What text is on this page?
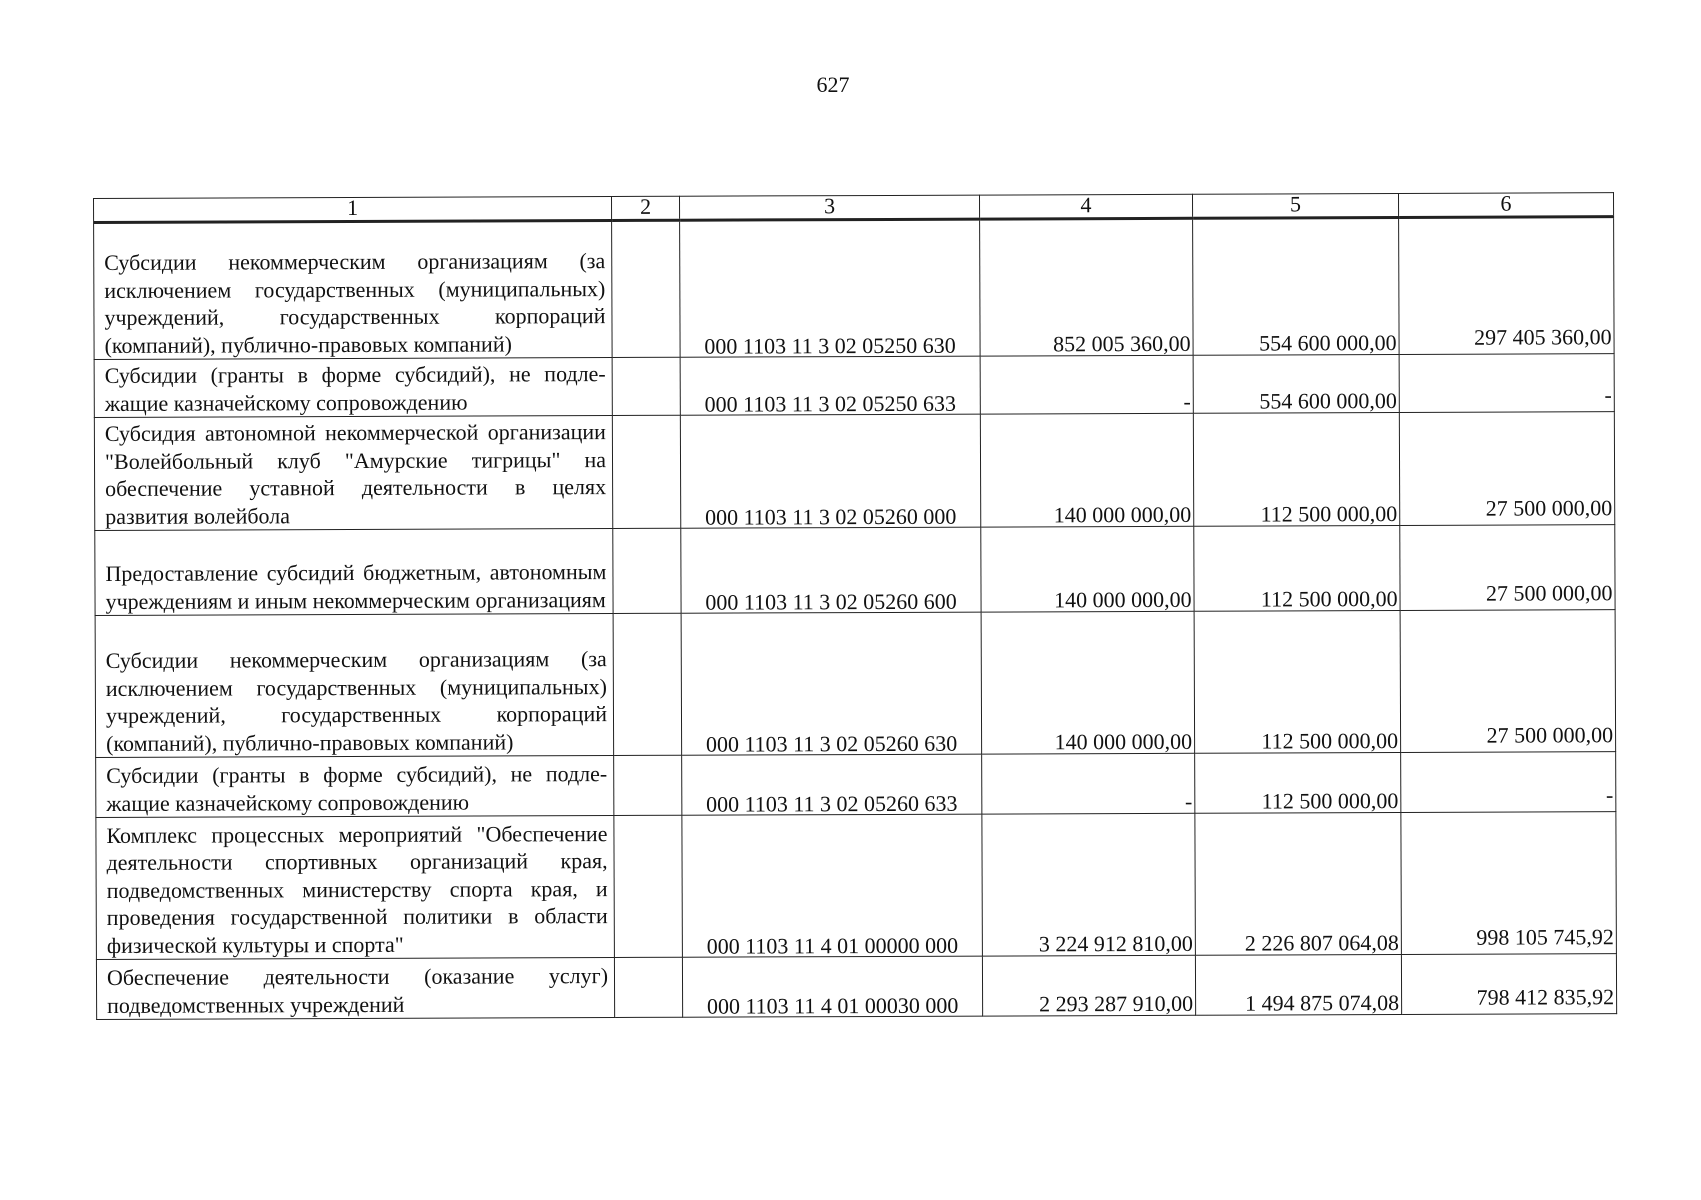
627
1	2	3	4	5	6
Субсидии некоммерческим организациям (за исключением государственных (муниципальных) учреждений, государственных корпораций (компаний), публично-правовых компаний)		000 1103 11 3 02 05250 630	852 005 360,00	554 600 000,00	297 405 360,00
Субсидии (гранты в форме субсидий), не подлежащие казначейскому сопровождению		000 1103 11 3 02 05250 633	-	554 600 000,00	-
Субсидия автономной некоммерческой организации "Волейбольный клуб "Амурские тигрицы" на обеспечение уставной деятельности в целях развития волейбола		000 1103 11 3 02 05260 000	140 000 000,00	112 500 000,00	27 500 000,00
Предоставление субсидий бюджетным, автономным учреждениям и иным некоммерческим организациям		000 1103 11 3 02 05260 600	140 000 000,00	112 500 000,00	27 500 000,00
Субсидии некоммерческим организациям (за исключением государственных (муниципальных) учреждений, государственных корпораций (компаний), публично-правовых компаний)		000 1103 11 3 02 05260 630	140 000 000,00	112 500 000,00	27 500 000,00
Субсидии (гранты в форме субсидий), не подлежащие казначейскому сопровождению		000 1103 11 3 02 05260 633	-	112 500 000,00	-
Комплекс процессных мероприятий "Обеспечение деятельности спортивных организаций края, подведомственных министерству спорта края, и проведения государственной политики в области физической культуры и спорта"		000 1103 11 4 01 00000 000	3 224 912 810,00	2 226 807 064,08	998 105 745,92
Обеспечение деятельности (оказание услуг) подведомственных учреждений		000 1103 11 4 01 00030 000	2 293 287 910,00	1 494 875 074,08	798 412 835,92
